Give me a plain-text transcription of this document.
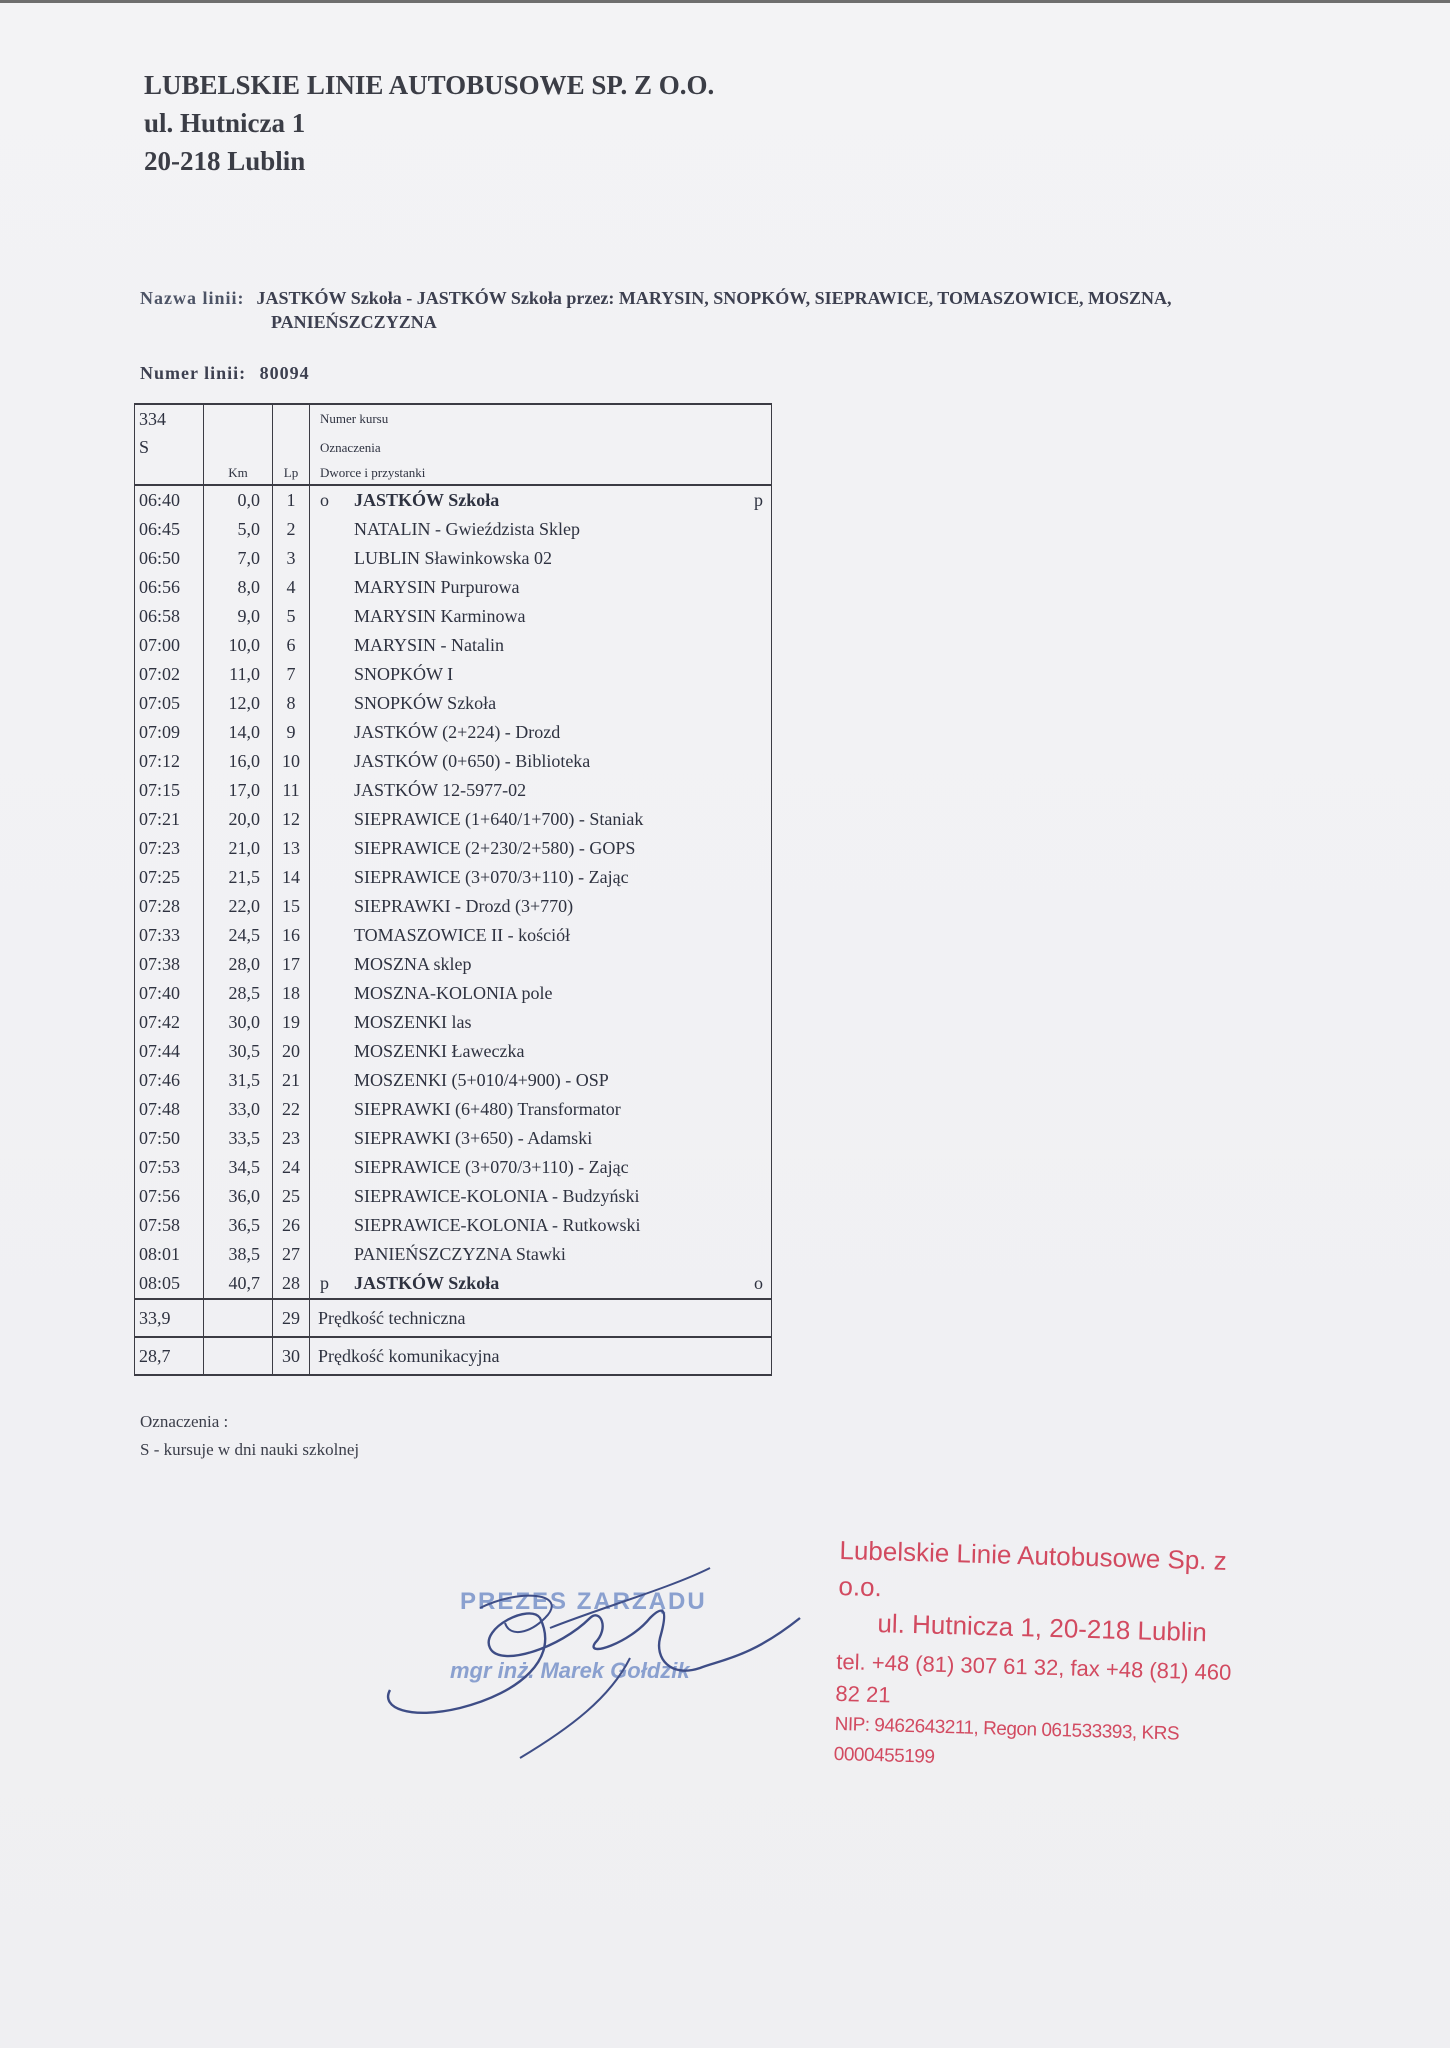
LUBELSKIE LINIE AUTOBUSOWE SP. Z O.O.
ul. Hutnicza 1
20-218 Lublin
Nazwa linii: JASTKÓW Szkoła - JASTKÓW Szkoła przez: MARYSIN, SNOPKÓW, SIEPRAWICE, TOMASZOWICE, MOSZNA,
PANIEŃSZCZYZNA
Numer linii: 80094
334			Numer kursu
S			Oznaczenia
	Km	Lp	Dworce i przystanki
06:40	0,0	1	o JASTKÓW Szkoła p

06:45	5,0	2	NATALIN - Gwieździsta Sklep

06:50	7,0	3	LUBLIN Sławinkowska 02

06:56	8,0	4	MARYSIN Purpurowa

06:58	9,0	5	MARYSIN Karminowa

07:00	10,0	6	MARYSIN - Natalin

07:02	11,0	7	SNOPKÓW I

07:05	12,0	8	SNOPKÓW Szkoła

07:09	14,0	9	JASTKÓW (2+224) - Drozd

07:12	16,0	10	JASTKÓW (0+650) - Biblioteka

07:15	17,0	11	JASTKÓW 12-5977-02

07:21	20,0	12	SIEPRAWICE (1+640/1+700) - Staniak

07:23	21,0	13	SIEPRAWICE (2+230/2+580) - GOPS

07:25	21,5	14	SIEPRAWICE (3+070/3+110) - Zając

07:28	22,0	15	SIEPRAWKI - Drozd (3+770)

07:33	24,5	16	TOMASZOWICE II - kościół

07:38	28,0	17	MOSZNA sklep

07:40	28,5	18	MOSZNA-KOLONIA pole

07:42	30,0	19	MOSZENKI las

07:44	30,5	20	MOSZENKI Ławeczka

07:46	31,5	21	MOSZENKI (5+010/4+900) - OSP

07:48	33,0	22	SIEPRAWKI (6+480) Transformator

07:50	33,5	23	SIEPRAWKI (3+650) - Adamski

07:53	34,5	24	SIEPRAWICE (3+070/3+110) - Zając

07:56	36,0	25	SIEPRAWICE-KOLONIA - Budzyński

07:58	36,5	26	SIEPRAWICE-KOLONIA - Rutkowski

08:01	38,5	27	PANIEŃSZCZYZNA Stawki

08:05	40,7	28	p JASTKÓW Szkoła o

33,9		29	Prędkość techniczna
28,7		30	Prędkość komunikacyjna
Oznaczenia :
S - kursuje w dni nauki szkolnej
PREZES ZARZĄDU
mgr inż. Marek Gołdzik
Lubelskie Linie Autobusowe Sp. z o.o.
ul. Hutnicza 1, 20-218 Lublin
tel. +48 (81) 307 61 32, fax +48 (81) 460 82 21
NIP: 9462643211, Regon 061533393, KRS 0000455199
